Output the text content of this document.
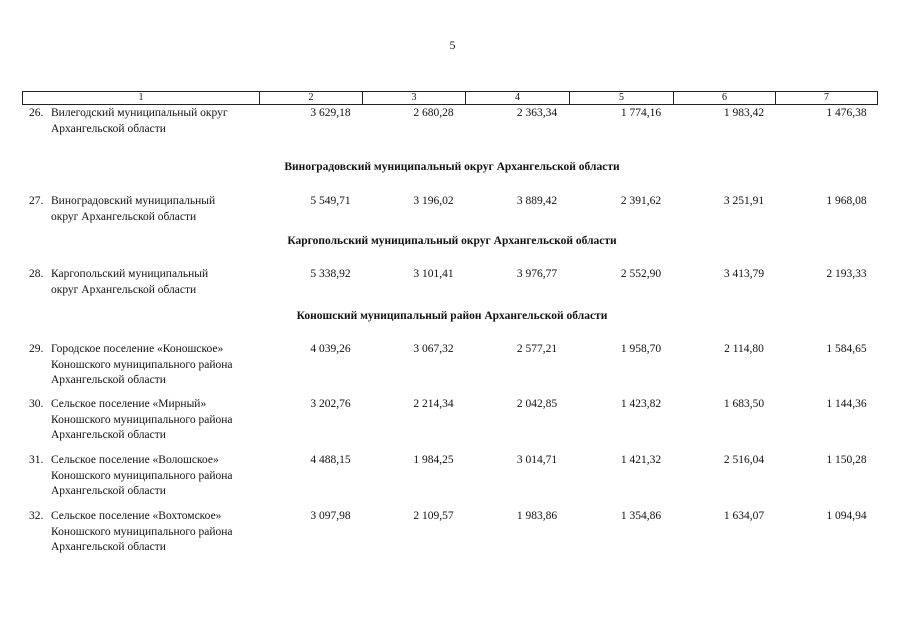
5
1	2	3	4	5	6	7
26. Вилегодский муниципальный округ
Архангельской области
3 629,18	2 680,28	2 363,34	1 774,16	1 983,42	1 476,38
Виноградовский муниципальный округ Архангельской области
27. Виноградовский муниципальный
округ Архангельской области
5 549,71	3 196,02	3 889,42	2 391,62	3 251,91	1 968,08
Каргопольский муниципальный округ Архангельской области
28. Каргопольский муниципальный
округ Архангельской области
5 338,92	3 101,41	3 976,77	2 552,90	3 413,79	2 193,33
Коношский муниципальный район Архангельской области
29. Городское поселение «Коношское»
Коношского муниципального района
Архангельской области
4 039,26	3 067,32	2 577,21	1 958,70	2 114,80	1 584,65
30. Сельское поселение «Мирный»
Коношского муниципального района
Архангельской области
3 202,76	2 214,34	2 042,85	1 423,82	1 683,50	1 144,36
31. Сельское поселение «Волошское»
Коношского муниципального района
Архангельской области
4 488,15	1 984,25	3 014,71	1 421,32	2 516,04	1 150,28
32. Сельское поселение «Вохтомское»
Коношского муниципального района
Архангельской области
3 097,98	2 109,57	1 983,86	1 354,86	1 634,07	1 094,94
